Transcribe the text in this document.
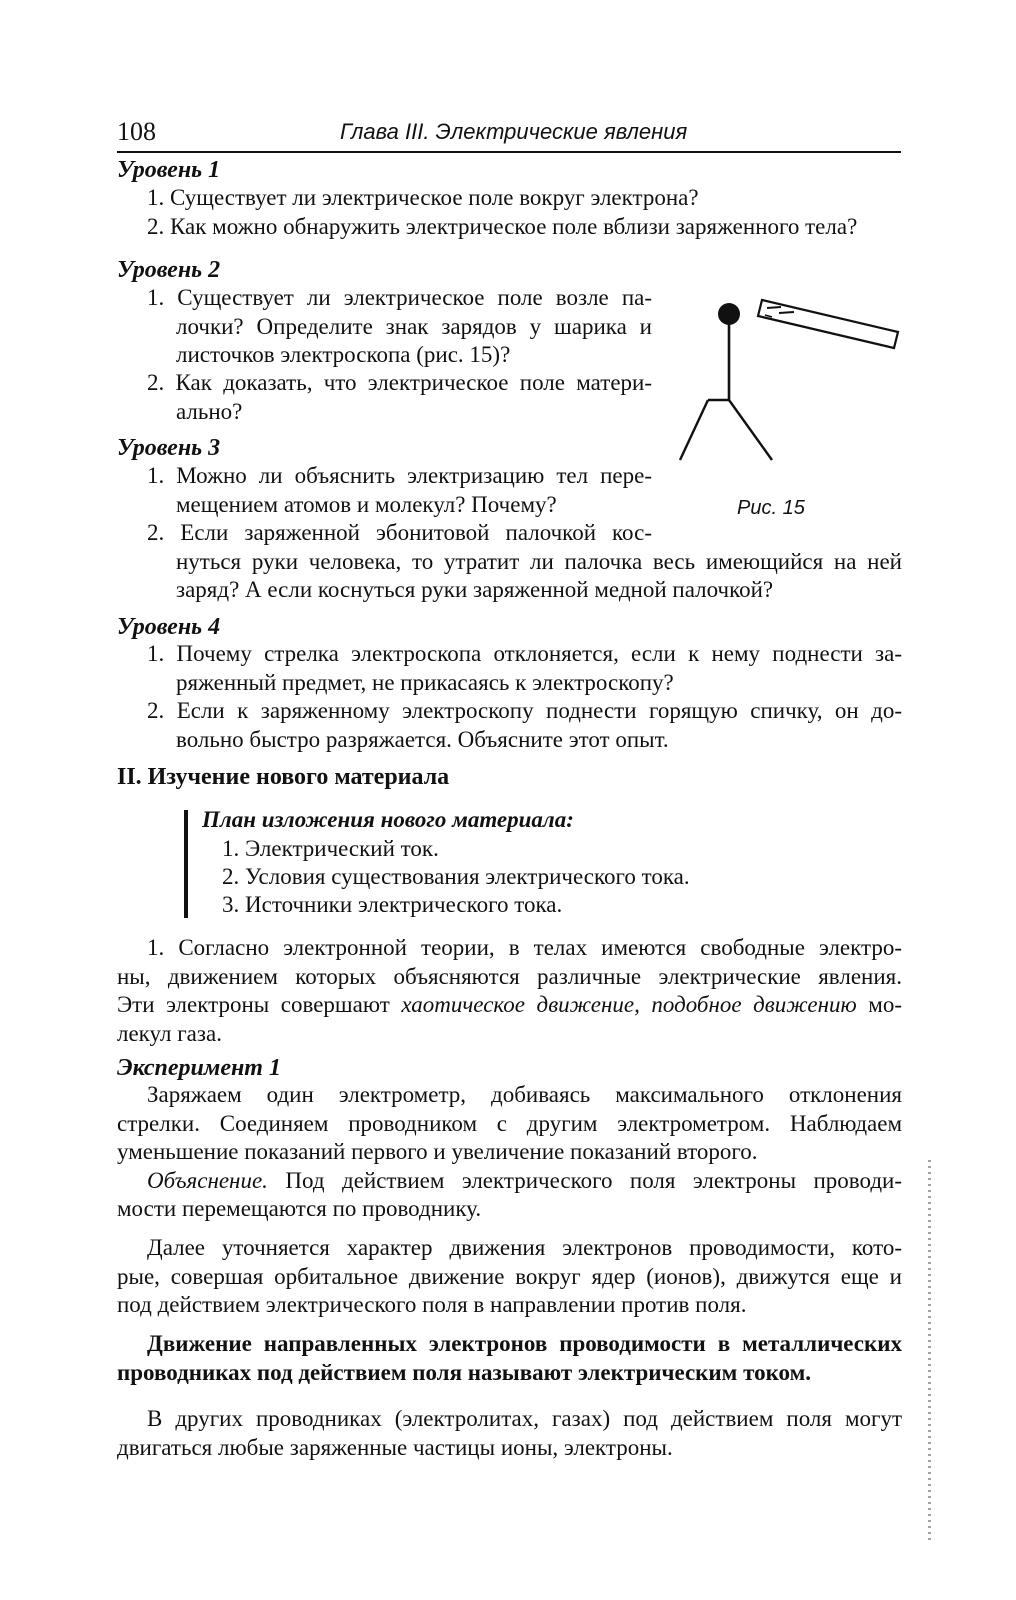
108	Глава III. Электрические явления
Уровень 1
1. Существует ли электрическое поле вокруг электрона?
2. Как можно обнаружить электрическое поле вблизи заряженного тела?
Уровень 2
1. Существует ли электрическое поле возле па-
лочки? Определите знак зарядов у шарика и
листочков электроскопа (рис. 15)?
2. Как доказать, что электрическое поле матери-
ально?
Уровень 3
1. Можно ли объяснить электризацию тел пере-
мещением атомов и молекул? Почему?
2. Если заряженной эбонитовой палочкой кос-
нуться руки человека, то утратит ли палочка весь имеющийся на ней
заряд? А если коснуться руки заряженной медной палочкой?
Рис. 15
Уровень 4
1. Почему стрелка электроскопа отклоняется, если к нему поднести за-
ряженный предмет, не прикасаясь к электроскопу?
2. Если к заряженному электроскопу поднести горящую спичку, он до-
вольно быстро разряжается. Объясните этот опыт.
II. Изучение нового материала
План изложения нового материала:
1. Электрический ток.
2. Условия существования электрического тока.
3. Источники электрического тока.
1. Согласно электронной теории, в телах имеются свободные электро-
ны, движением которых объясняются различные электрические явления.
Эти электроны совершают хаотическое движение, подобное движению мо-
лекул газа.
Эксперимент 1
Заряжаем один электрометр, добиваясь максимального отклонения
стрелки. Соединяем проводником с другим электрометром. Наблюдаем
уменьшение показаний первого и увеличение показаний второго.
Объяснение. Под действием электрического поля электроны проводи-
мости перемещаются по проводнику.
Далее уточняется характер движения электронов проводимости, кото-
рые, совершая орбитальное движение вокруг ядер (ионов), движутся еще и
под действием электрического поля в направлении против поля.
Движение направленных электронов проводимости в металлических
проводниках под действием поля называют электрическим током.
В других проводниках (электролитах, газах) под действием поля могут
двигаться любые заряженные частицы ионы, электроны.
